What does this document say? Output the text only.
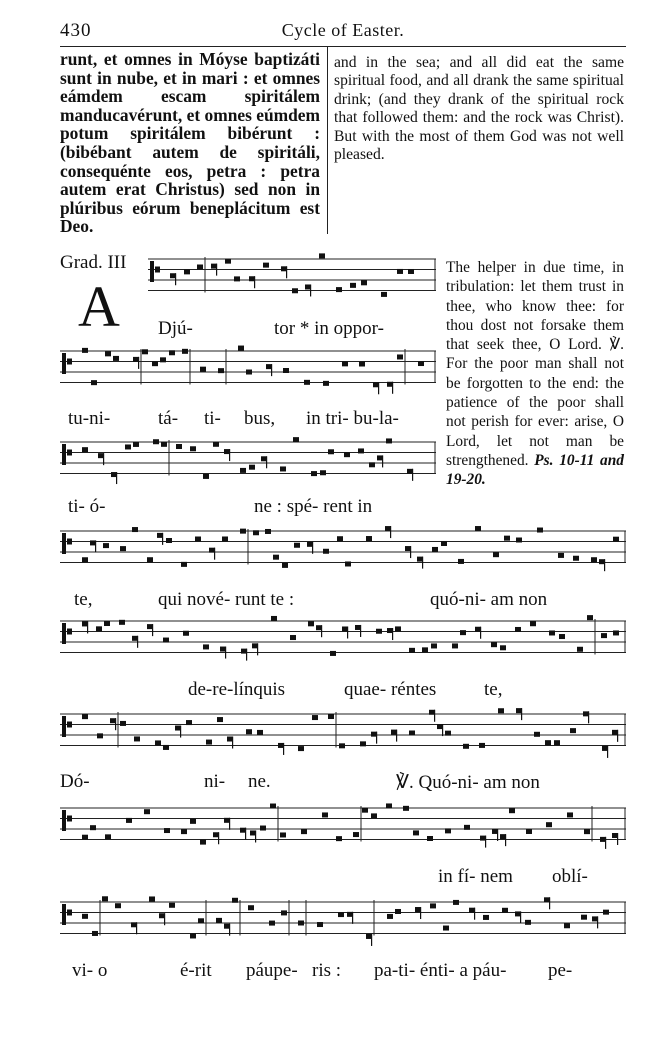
430	Cycle of Easter.
runt, et omnes in Móyse baptizáti sunt in nube, et in mari : et omnes eámdem escam spiritálem manducavérunt, et omnes eúmdem potum spiritálem bibérunt : (bibébant autem de spiritáli, consequénte eos, petra : petra autem erat Christus) sed non in plúribus eórum beneplácitum est Deo.
and in the sea; and all did eat the same spiritual food, and all drank the same spiritual drink; (and they drank of the spiritual rock that followed them: and the rock was Christ). But with the most of them God was not well pleased.
Grad. III
A
The helper in due time, in tribulation: let them trust in thee, who know thee: for thou dost not forsake them that seek thee, O Lord. ℣. For the poor man shall not be forgotten to the end: the patience of the poor shall not perish for ever: arise, O Lord, let not man be strengthened. Ps. 10-11 and 19-20.
Djú-	tor * in oppor-
tu-ni-	tá- ti- bus, in tri- bu-la-
ti- ó-	ne : spé- rent in
te,	qui nové- runt te :	quó-ni- am non
de-re-línquis	quae- réntes	te,
Dó-	ni- ne.	℣. Quó-ni- am non
in fí- nem oblí-
vi- o	é-rit páupe- ris : pa-ti- énti- a páu- pe-
